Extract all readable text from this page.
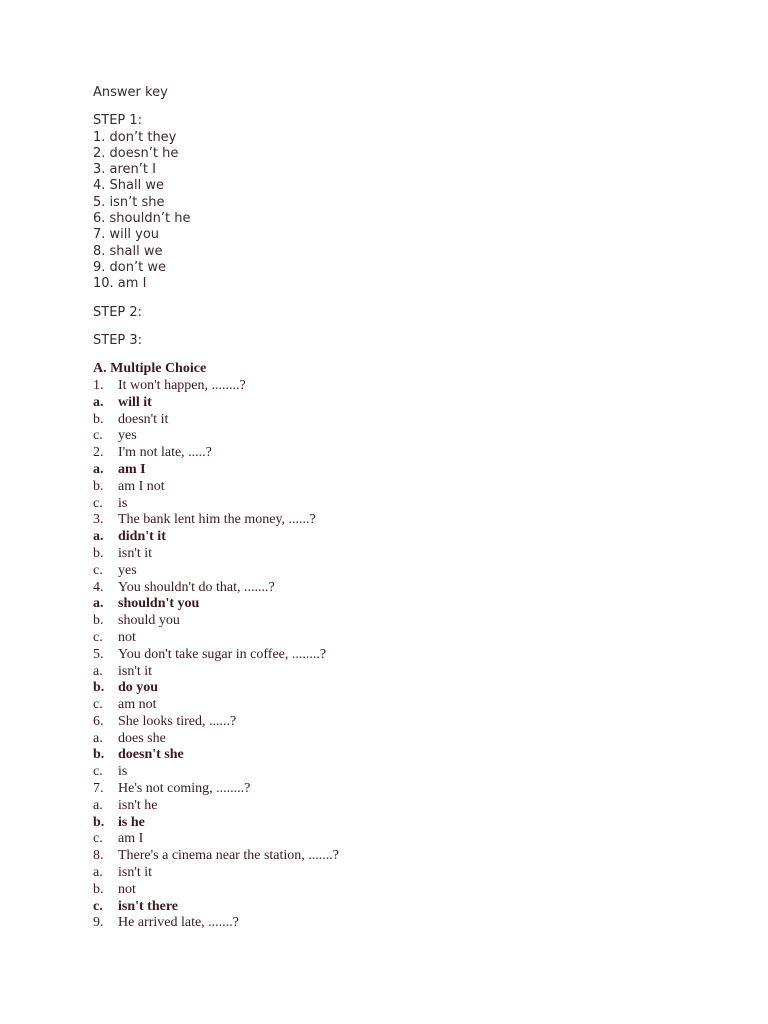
Answer key
STEP 1:
1. don’t they
2. doesn’t he
3. aren’t I
4. Shall we
5. isn’t she
6. shouldn’t he
7. will you
8. shall we
9. don’t we
10. am I
STEP 2:
STEP 3:
A. Multiple Choice
1.	It won't happen, ........?
a.	will it
b.	doesn't it
c.	yes
2.	I'm not late, .....?
a.	am I
b.	am I not
c.	is
3.	The bank lent him the money, ......?
a.	didn't it
b.	isn't it
c.	yes
4.	You shouldn't do that, .......?
a.	shouldn't you
b.	should you
c.	not
5.	You don't take sugar in coffee, ........?
a.	isn't it
b. do you
c.	am not
6.	She looks tired, ......?
a.	does she
b. doesn't she
c.	is
7.	He's not coming, ........?
a.	isn't he
b. is he
c.	am I
8.	There's a cinema near the station, .......?
a.	isn't it
b.	not
c.	isn't there
9.	He arrived late, .......?
